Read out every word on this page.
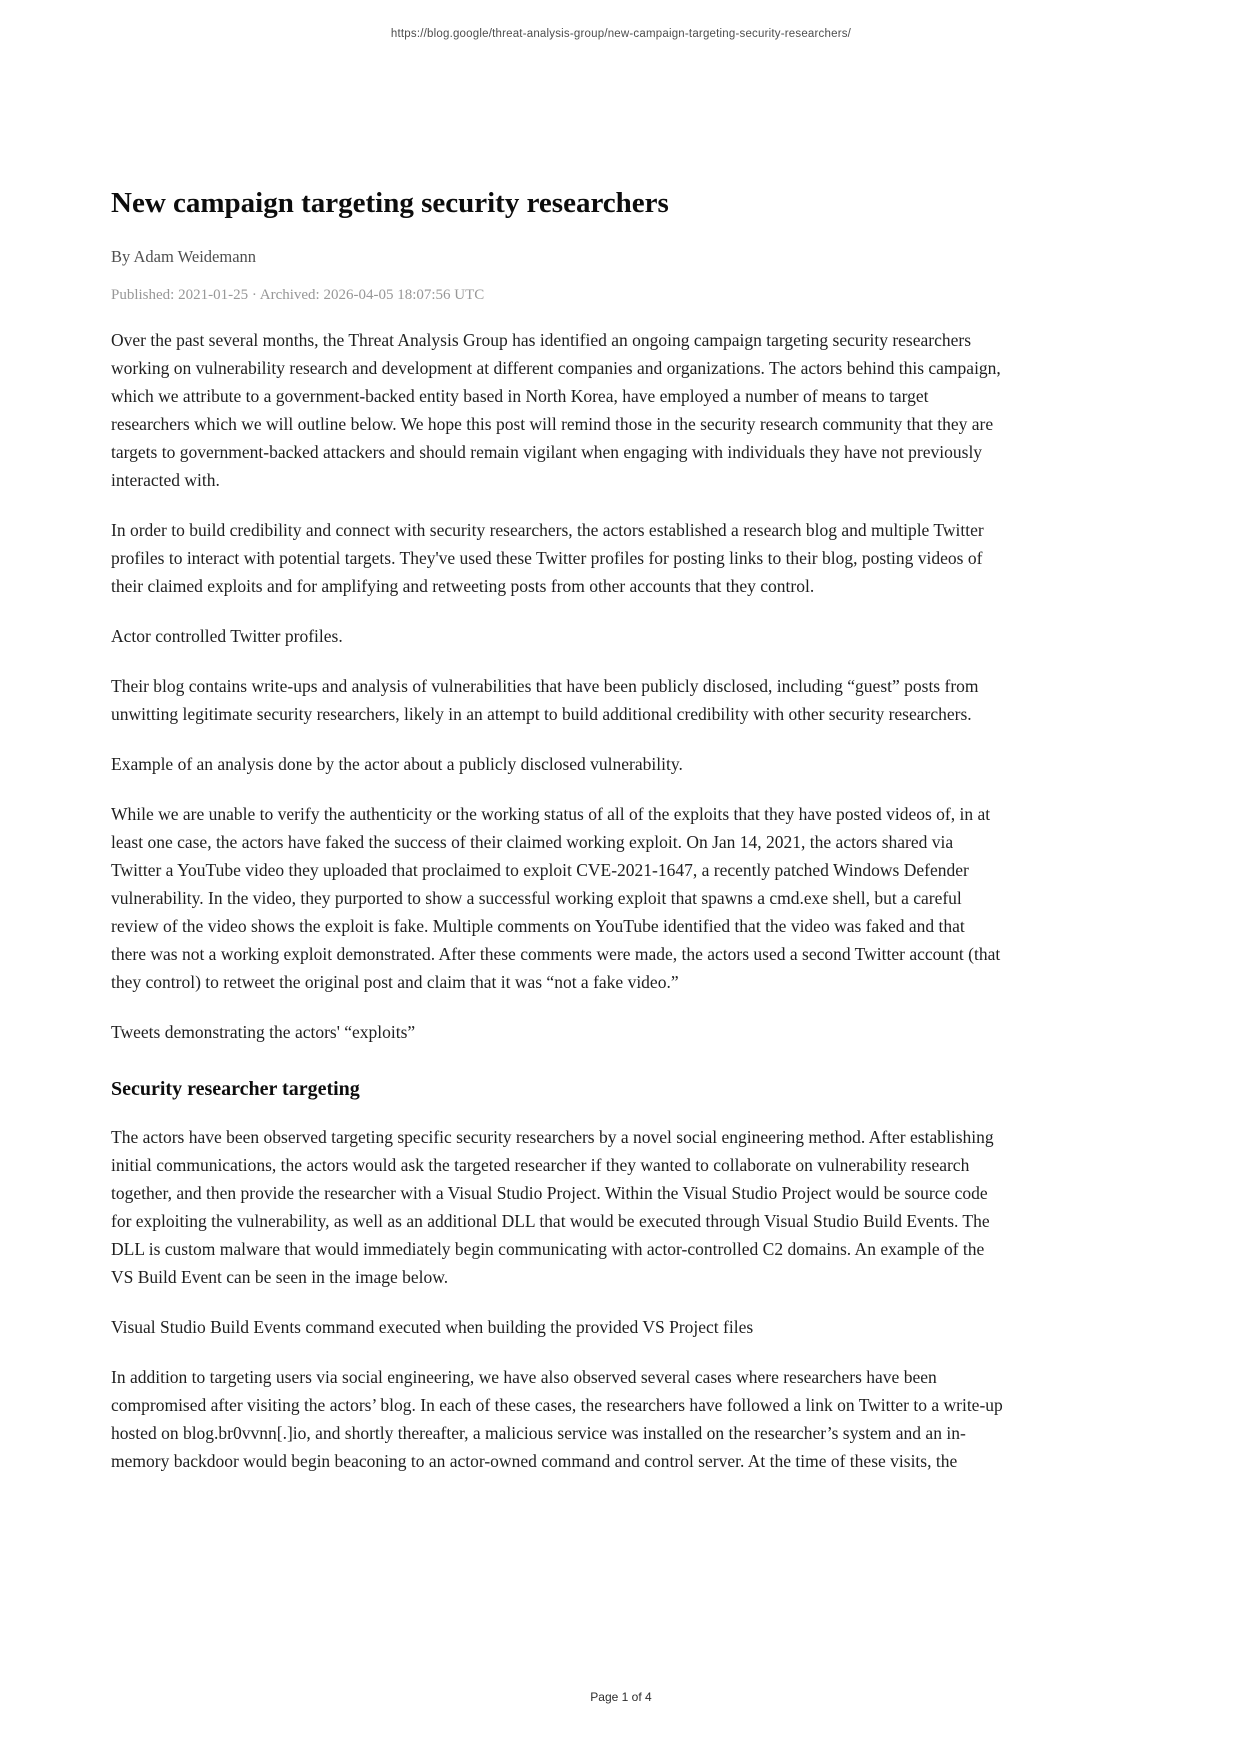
https://blog.google/threat-analysis-group/new-campaign-targeting-security-researchers/
New campaign targeting security researchers

By Adam Weidemann

Published: 2021-01-25 · Archived: 2026-04-05 18:07:56 UTC

Over the past several months, the Threat Analysis Group has identified an ongoing campaign targeting security researchers working on vulnerability research and development at different companies and organizations. The actors behind this campaign, which we attribute to a government-backed entity based in North Korea, have employed a number of means to target researchers which we will outline below. We hope this post will remind those in the security research community that they are targets to government-backed attackers and should remain vigilant when engaging with individuals they have not previously interacted with.

In order to build credibility and connect with security researchers, the actors established a research blog and multiple Twitter profiles to interact with potential targets. They've used these Twitter profiles for posting links to their blog, posting videos of their claimed exploits and for amplifying and retweeting posts from other accounts that they control.

Actor controlled Twitter profiles.

Their blog contains write-ups and analysis of vulnerabilities that have been publicly disclosed, including “guest” posts from unwitting legitimate security researchers, likely in an attempt to build additional credibility with other security researchers.

Example of an analysis done by the actor about a publicly disclosed vulnerability.

While we are unable to verify the authenticity or the working status of all of the exploits that they have posted videos of, in at least one case, the actors have faked the success of their claimed working exploit. On Jan 14, 2021, the actors shared via Twitter a YouTube video they uploaded that proclaimed to exploit CVE-2021-1647, a recently patched Windows Defender vulnerability. In the video, they purported to show a successful working exploit that spawns a cmd.exe shell, but a careful review of the video shows the exploit is fake. Multiple comments on YouTube identified that the video was faked and that there was not a working exploit demonstrated. After these comments were made, the actors used a second Twitter account (that they control) to retweet the original post and claim that it was “not a fake video.”

Tweets demonstrating the actors' “exploits”

Security researcher targeting

The actors have been observed targeting specific security researchers by a novel social engineering method. After establishing initial communications, the actors would ask the targeted researcher if they wanted to collaborate on vulnerability research together, and then provide the researcher with a Visual Studio Project. Within the Visual Studio Project would be source code for exploiting the vulnerability, as well as an additional DLL that would be executed through Visual Studio Build Events. The DLL is custom malware that would immediately begin communicating with actor-controlled C2 domains. An example of the VS Build Event can be seen in the image below.

Visual Studio Build Events command executed when building the provided VS Project files

In addition to targeting users via social engineering, we have also observed several cases where researchers have been compromised after visiting the actors’ blog. In each of these cases, the researchers have followed a link on Twitter to a write-up hosted on blog.br0vvnn[.]io, and shortly thereafter, a malicious service was installed on the researcher’s system and an in-memory backdoor would begin beaconing to an actor-owned command and control server. At the time of these visits, the

Page 1 of 4
